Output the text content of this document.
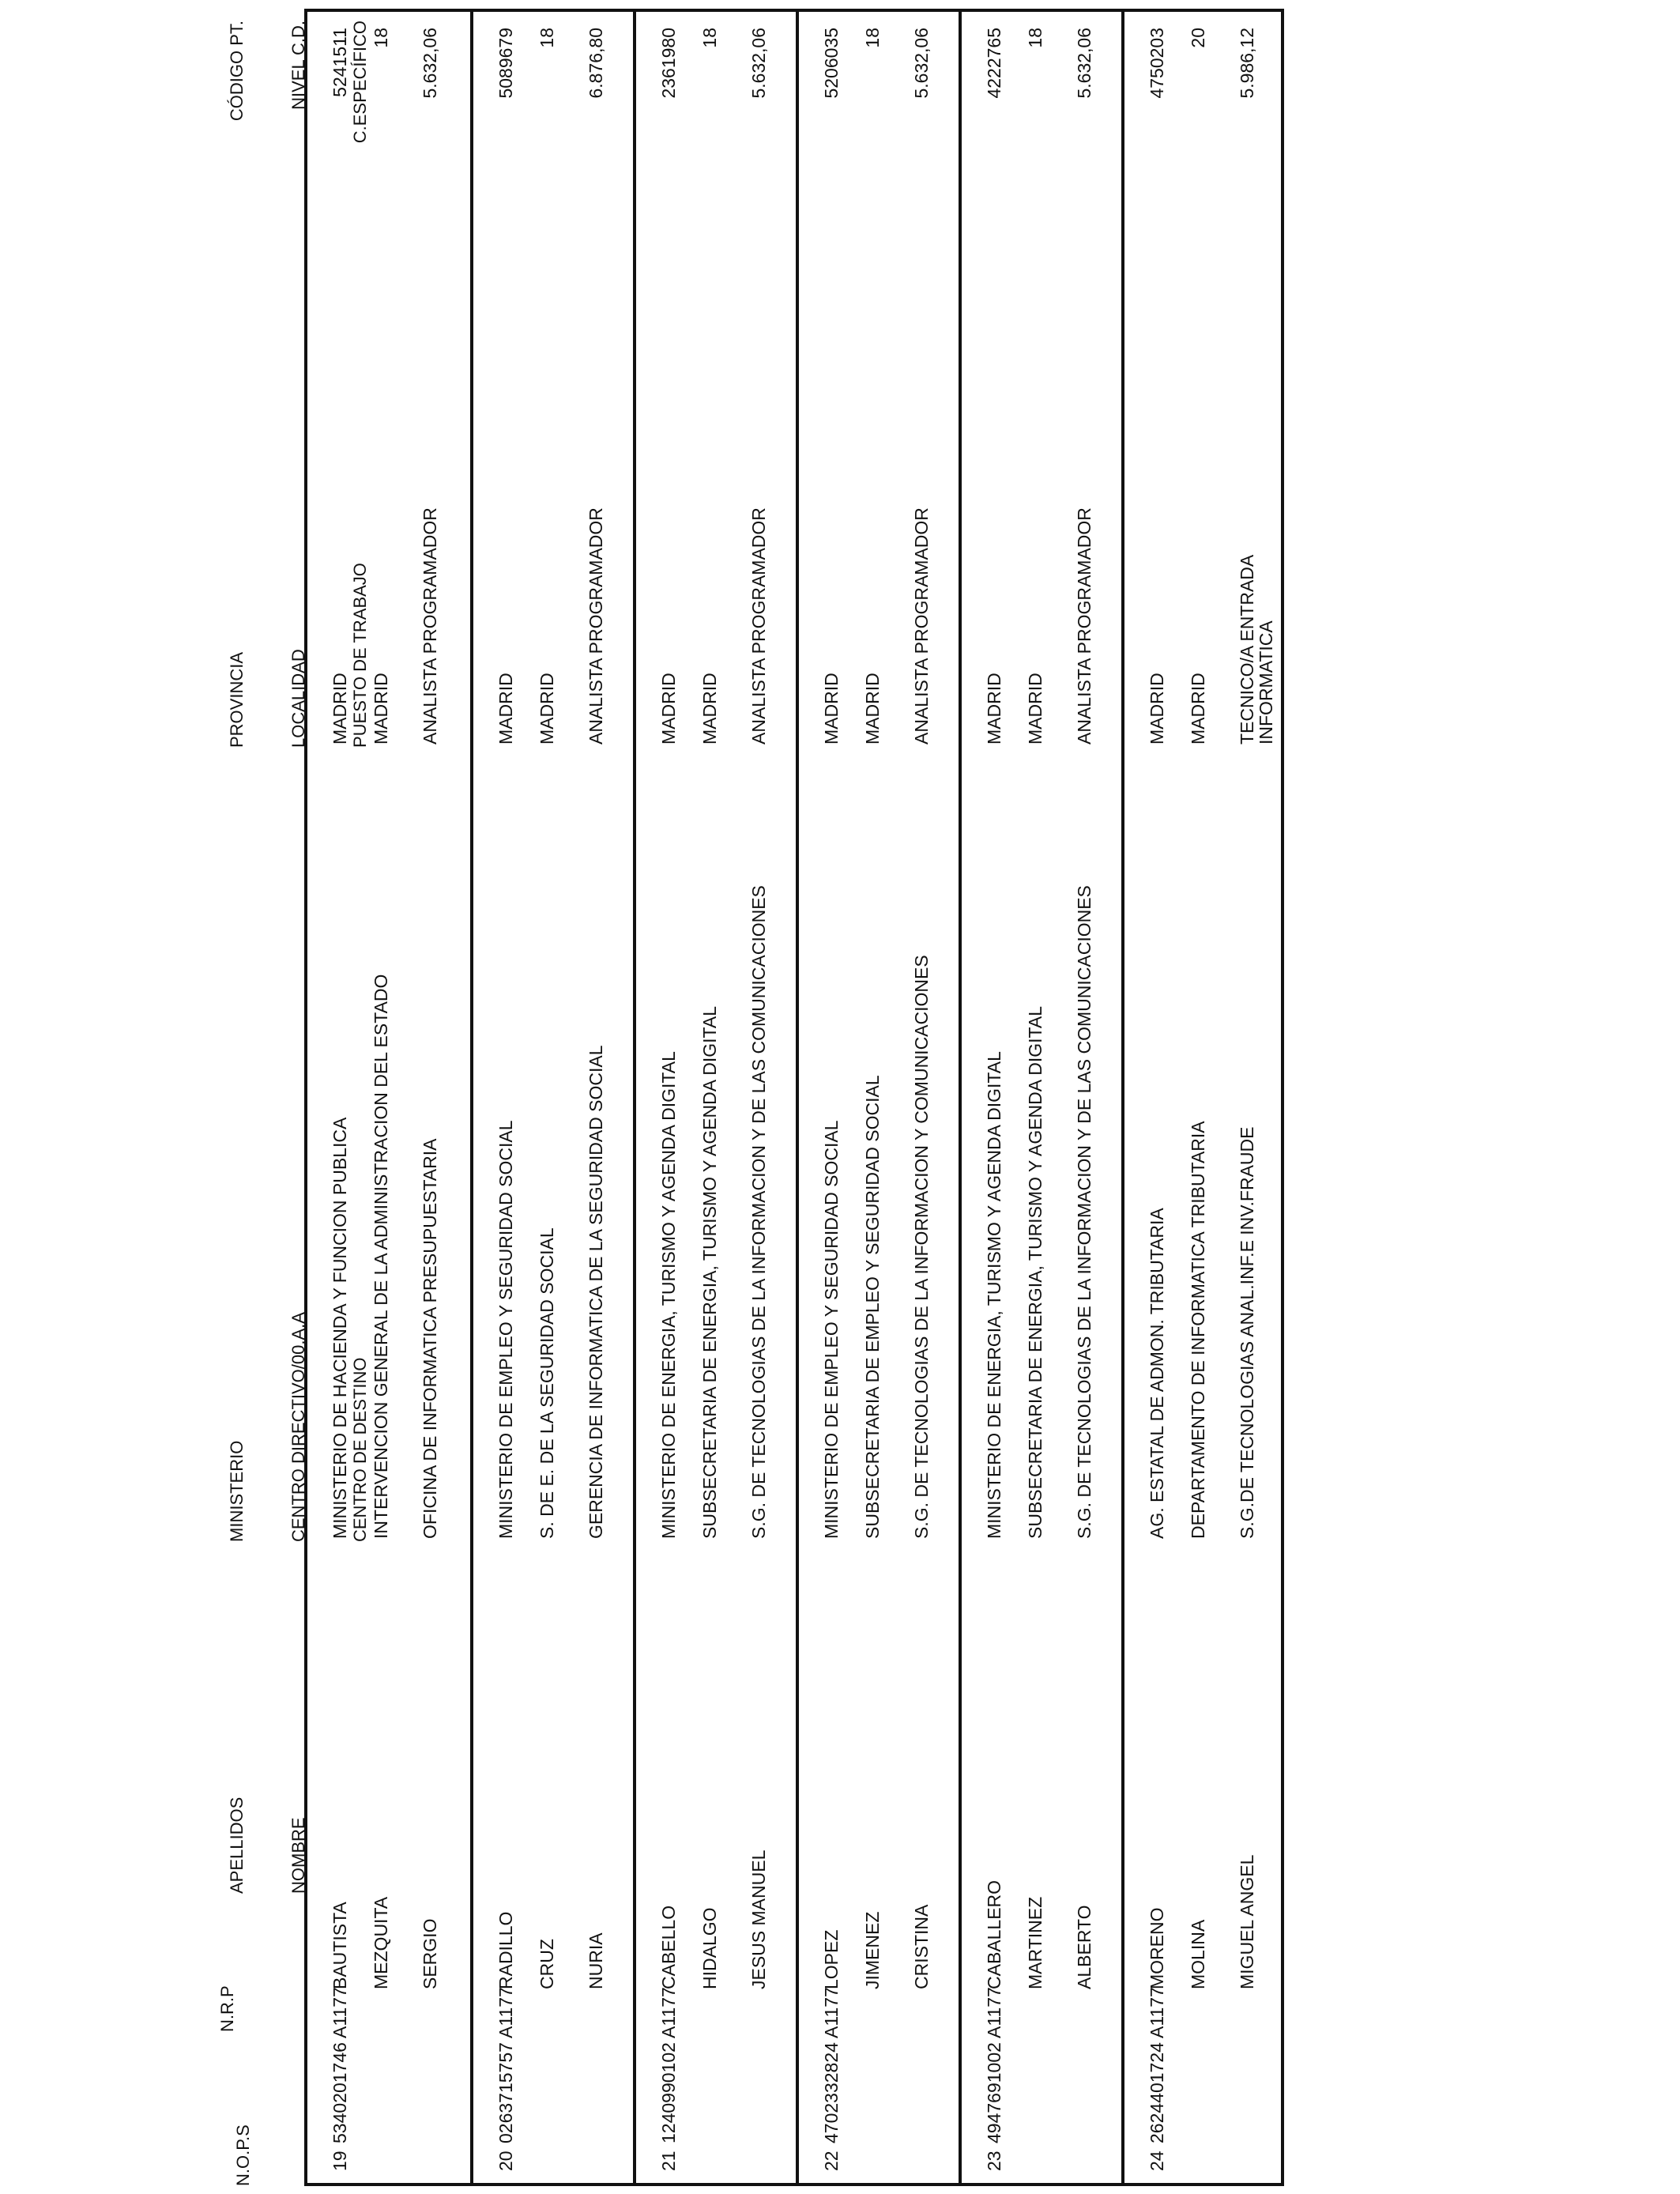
N.O.P.S
N.R.P

APELLIDOS

NOMBRE

MINISTERIO

CENTRO DIRECTIVO/00.A.A

CENTRO DE DESTINO

PROVINCIA

LOCALIDAD

PUESTO DE TRABAJO

CÓDIGO PT.

NIVEL C.D.

C.ESPECÍFICO

19
5340201746 A1177
BAUTISTA MEZQUITA SERGIO
MINISTERIO DE HACIENDA Y FUNCION PUBLICA INTERVENCION GENERAL DE LA ADMINISTRACION DEL ESTADO OFICINA DE INFORMATICA PRESUPUESTARIA
MADRID MADRID ANALISTA PROGRAMADOR
5241511 18 5.632,06
20
0263715757 A1177
RADILLO CRUZ NURIA
MINISTERIO DE EMPLEO Y SEGURIDAD SOCIAL S. DE E. DE LA SEGURIDAD SOCIAL GERENCIA DE INFORMATICA DE LA SEGURIDAD SOCIAL
MADRID MADRID ANALISTA PROGRAMADOR
5089679 18 6.876,80
21
1240990102 A1177
CABELLO HIDALGO JESUS MANUEL
MINISTERIO DE ENERGIA, TURISMO Y AGENDA DIGITAL SUBSECRETARIA DE ENERGIA, TURISMO Y AGENDA DIGITAL S.G. DE TECNOLOGIAS DE LA INFORMACION Y DE LAS COMUNICACIONES
MADRID MADRID ANALISTA PROGRAMADOR
2361980 18 5.632,06
22
4702332824 A1177
LOPEZ JIMENEZ CRISTINA
MINISTERIO DE EMPLEO Y SEGURIDAD SOCIAL SUBSECRETARIA DE EMPLEO Y SEGURIDAD SOCIAL S.G. DE TECNOLOGIAS DE LA INFORMACION Y COMUNICACIONES
MADRID MADRID ANALISTA PROGRAMADOR
5206035 18 5.632,06
23
4947691002 A1177
CABALLERO MARTINEZ ALBERTO
MINISTERIO DE ENERGIA, TURISMO Y AGENDA DIGITAL SUBSECRETARIA DE ENERGIA, TURISMO Y AGENDA DIGITAL S.G. DE TECNOLOGIAS DE LA INFORMACION Y DE LAS COMUNICACIONES
MADRID MADRID ANALISTA PROGRAMADOR
4222765 18 5.632,06
24
2624401724 A1177
MORENO MOLINA MIGUEL ANGEL
AG. ESTATAL DE ADMON. TRIBUTARIA DEPARTAMENTO DE INFORMATICA TRIBUTARIA S.G.DE TECNOLOGIAS ANAL.INF.E INV.FRAUDE
MADRID MADRID TECNICO/A ENTRADA
INFORMATICA
4750203 20 5.986,12
